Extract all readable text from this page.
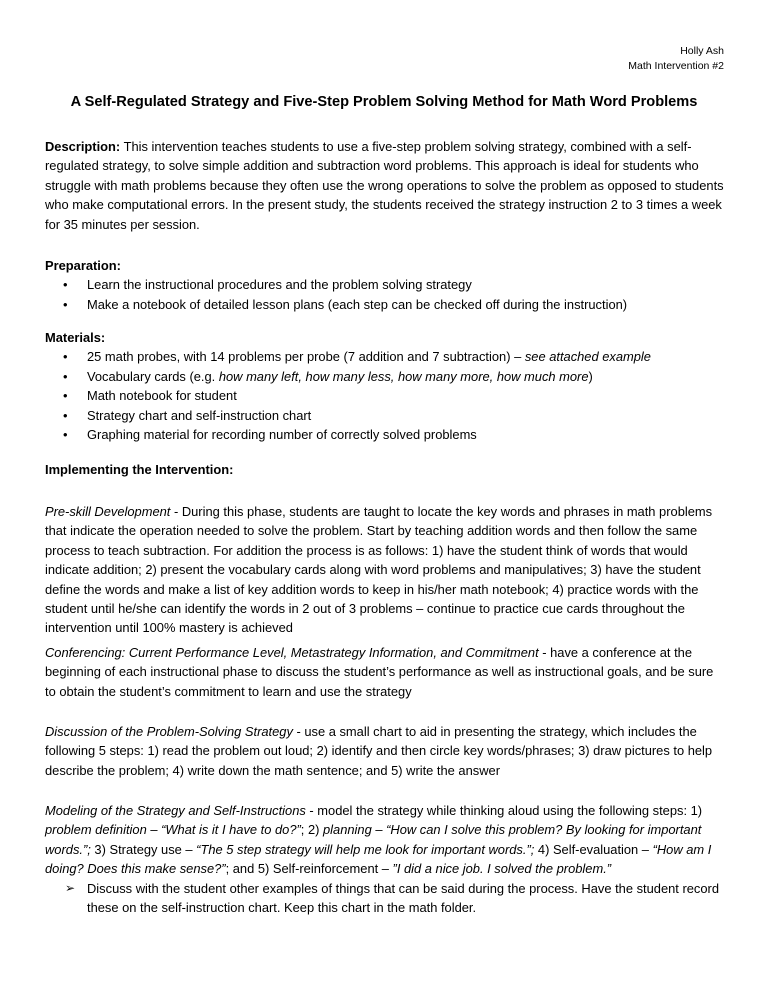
Holly Ash
Math Intervention #2
A Self-Regulated Strategy and Five-Step Problem Solving Method for Math Word Problems

Description: This intervention teaches students to use a five-step problem solving strategy, combined with a self-regulated strategy, to solve simple addition and subtraction word problems. This approach is ideal for students who struggle with math problems because they often use the wrong operations to solve the problem as opposed to students who make computational errors. In the present study, the students received the strategy instruction 2 to 3 times a week for 35 minutes per session.

Preparation:

• Learn the instructional procedures and the problem solving strategy
• Make a notebook of detailed lesson plans (each step can be checked off during the instruction)

Materials:

• 25 math probes, with 14 problems per probe (7 addition and 7 subtraction) – see attached example
• Vocabulary cards (e.g. how many left, how many less, how many more, how much more)
• Math notebook for student
• Strategy chart and self-instruction chart
• Graphing material for recording number of correctly solved problems

Implementing the Intervention:

Pre-skill Development - During this phase, students are taught to locate the key words and phrases in math problems that indicate the operation needed to solve the problem. Start by teaching addition words and then follow the same process to teach subtraction. For addition the process is as follows: 1) have the student think of words that would indicate addition; 2) present the vocabulary cards along with word problems and manipulatives; 3) have the student define the words and make a list of key addition words to keep in his/her math notebook; 4) practice words with the student until he/she can identify the words in 2 out of 3 problems – continue to practice cue cards throughout the intervention until 100% mastery is achieved

Conferencing: Current Performance Level, Metastrategy Information, and Commitment - have a conference at the beginning of each instructional phase to discuss the student’s performance as well as instructional goals, and be sure to obtain the student’s commitment to learn and use the strategy

Discussion of the Problem-Solving Strategy - use a small chart to aid in presenting the strategy, which includes the following 5 steps: 1) read the problem out loud; 2) identify and then circle key words/phrases; 3) draw pictures to help describe the problem; 4) write down the math sentence; and 5) write the answer

Modeling of the Strategy and Self-Instructions - model the strategy while thinking aloud using the following steps: 1) problem definition – “What is it I have to do?”; 2) planning – “How can I solve this problem? By looking for important words.”; 3) Strategy use – “The 5 step strategy will help me look for important words.”; 4) Self-evaluation – “How am I doing? Does this make sense?”; and 5) Self-reinforcement – ”I did a nice job. I solved the problem.”

➢ Discuss with the student other examples of things that can be said during the process. Have the student record these on the self-instruction chart. Keep this chart in the math folder.
